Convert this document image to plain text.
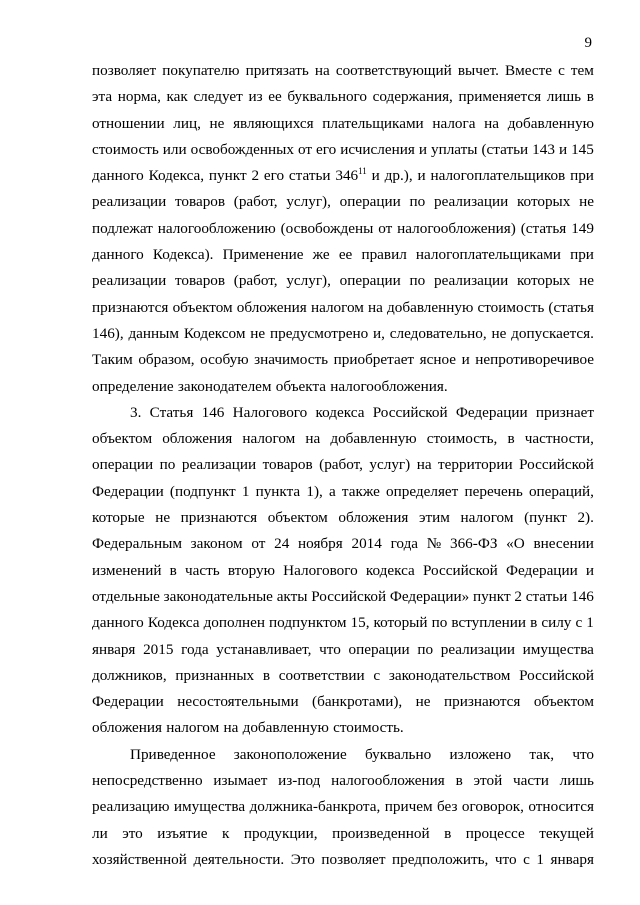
9
позволяет покупателю притязать на соответствующий вычет. Вместе с тем
эта норма, как следует из ее буквального содержания, применяется лишь в
отношении лиц, не являющихся плательщиками налога на добавленную
стоимость или освобожденных от его исчисления и уплаты (статьи 143 и 145
данного Кодекса, пункт 2 его статьи $346^{11}$ и др.), и налогоплательщиков при
реализации товаров (работ, услуг), операции по реализации которых не
подлежат налогообложению (освобождены от налогообложения) (статья 149
данного Кодекса). Применение же ее правил налогоплательщиками при
реализации товаров (работ, услуг), операции по реализации которых не
признаются объектом обложения налогом на добавленную стоимость (статья
146), данным Кодексом не предусмотрено и, следовательно, не допускается.
Таким образом, особую значимость приобретает ясное и непротиворечивое
определение законодателем объекта налогообложения.
3. Статья 146 Налогового кодекса Российской Федерации признает
объектом обложения налогом на добавленную стоимость, в частности,
операции по реализации товаров (работ, услуг) на территории Российской
Федерации (подпункт 1 пункта 1), а также определяет перечень операций,
которые не признаются объектом обложения этим налогом (пункт 2).
Федеральным законом от 24 ноября 2014 года № 366-ФЗ «О внесении
изменений в часть вторую Налогового кодекса Российской Федерации и
отдельные законодательные акты Российской Федерации» пункт 2 статьи 146
данного Кодекса дополнен подпунктом 15, который по вступлении в силу с 1
января 2015 года устанавливает, что операции по реализации имущества
должников, признанных в соответствии с законодательством Российской
Федерации несостоятельными (банкротами), не признаются объектом
обложения налогом на добавленную стоимость.
Приведенное законоположение буквально изложено так, что
непосредственно изымает из-под налогообложения в этой части лишь
реализацию имущества должника-банкрота, причем без оговорок, относится
ли это изъятие к продукции, произведенной в процессе текущей
хозяйственной деятельности. Это позволяет предположить, что с 1 января
